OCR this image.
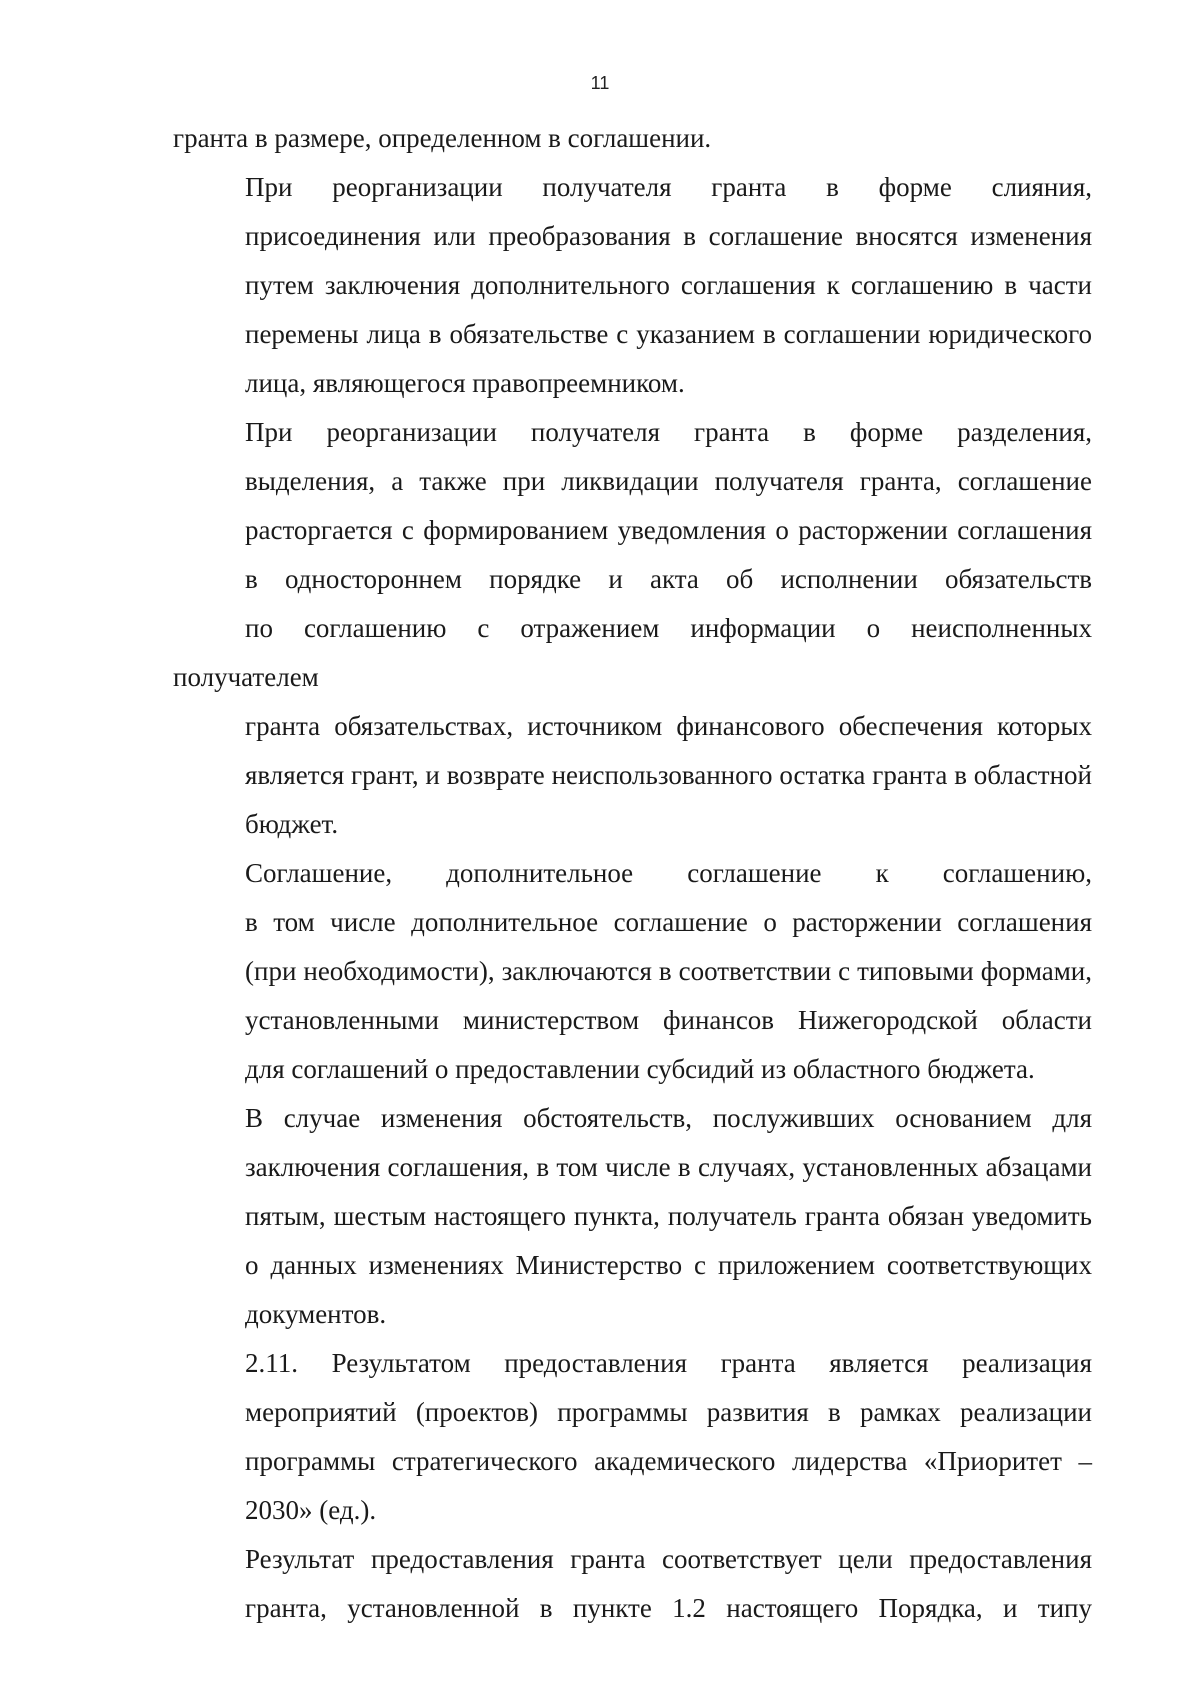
11

гранта в размере, определенном в соглашении.

При реорганизации получателя гранта в форме слияния,
присоединения или преобразования в соглашение вносятся изменения
путем заключения дополнительного соглашения к соглашению в части
перемены лица в обязательстве с указанием в соглашении юридического
лица, являющегося правопреемником.

При реорганизации получателя гранта в форме разделения,
выделения, а также при ликвидации получателя гранта, соглашение
расторгается с формированием уведомления о расторжении соглашения
в одностороннем порядке и акта об исполнении обязательств
по соглашению с отражением информации о неисполненных получателем
гранта обязательствах, источником финансового обеспечения которых
является грант, и возврате неиспользованного остатка гранта в областной
бюджет.

Соглашение, дополнительное соглашение к соглашению,
в том числе дополнительное соглашение о расторжении соглашения
(при необходимости), заключаются в соответствии с типовыми формами,
установленными министерством финансов Нижегородской области
для соглашений о предоставлении субсидий из областного бюджета.

В случае изменения обстоятельств, послуживших основанием для
заключения соглашения, в том числе в случаях, установленных абзацами
пятым, шестым настоящего пункта, получатель гранта обязан уведомить
о данных изменениях Министерство с приложением соответствующих
документов.

2.11. Результатом предоставления гранта является реализация
мероприятий (проектов) программы развития в рамках реализации
программы стратегического академического лидерства «Приоритет –
2030» (ед.).

Результат предоставления гранта соответствует цели предоставления
гранта, установленной в пункте 1.2 настоящего Порядка, и типу
